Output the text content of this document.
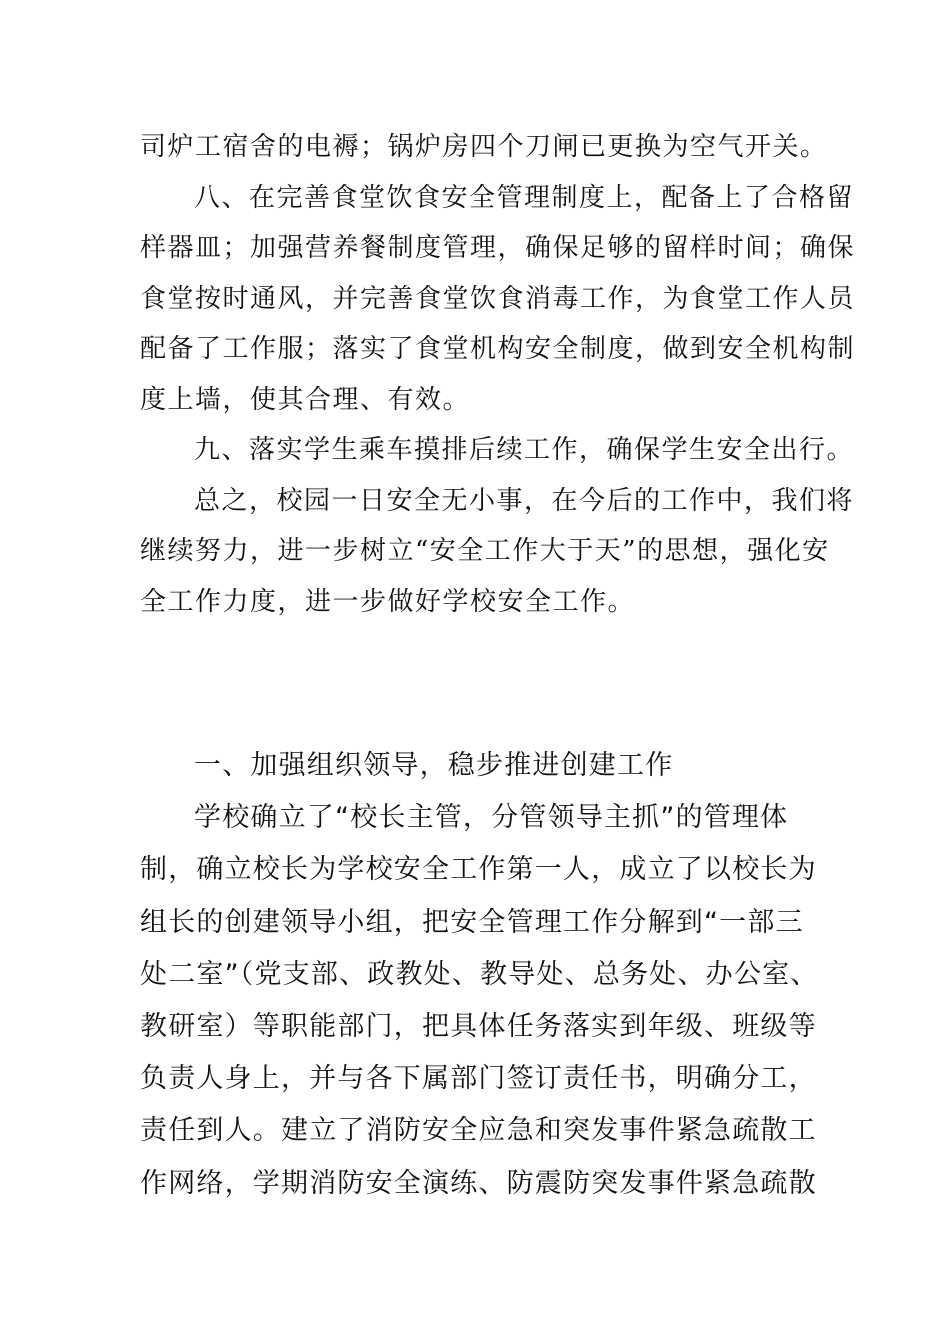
司炉工宿舍的电褥；锅炉房四个刀闸已更换为空气开关。
八、在完善食堂饮食安全管理制度上，配备上了合格留
样器皿；加强营养餐制度管理，确保足够的留样时间；确保
食堂按时通风，并完善食堂饮食消毒工作，为食堂工作人员
配备了工作服；落实了食堂机构安全制度，做到安全机构制
度上墙，使其合理、有效。
九、落实学生乘车摸排后续工作，确保学生安全出行。
总之，校园一日安全无小事，在今后的工作中，我们将
继续努力，进一步树立“安全工作大于天”的思想，强化安
全工作力度，进一步做好学校安全工作。
一、加强组织领导，稳步推进创建工作
学校确立了“校长主管，分管领导主抓”的管理体
制，确立校长为学校安全工作第一人，成立了以校长为
组长的创建领导小组，把安全管理工作分解到“一部三
处二室”（党支部、政教处、教导处、总务处、办公室、
教研室）等职能部门，把具体任务落实到年级、班级等
负责人身上，并与各下属部门签订责任书，明确分工，
责任到人。建立了消防安全应急和突发事件紧急疏散工
作网络，学期消防安全演练、防震防突发事件紧急疏散
